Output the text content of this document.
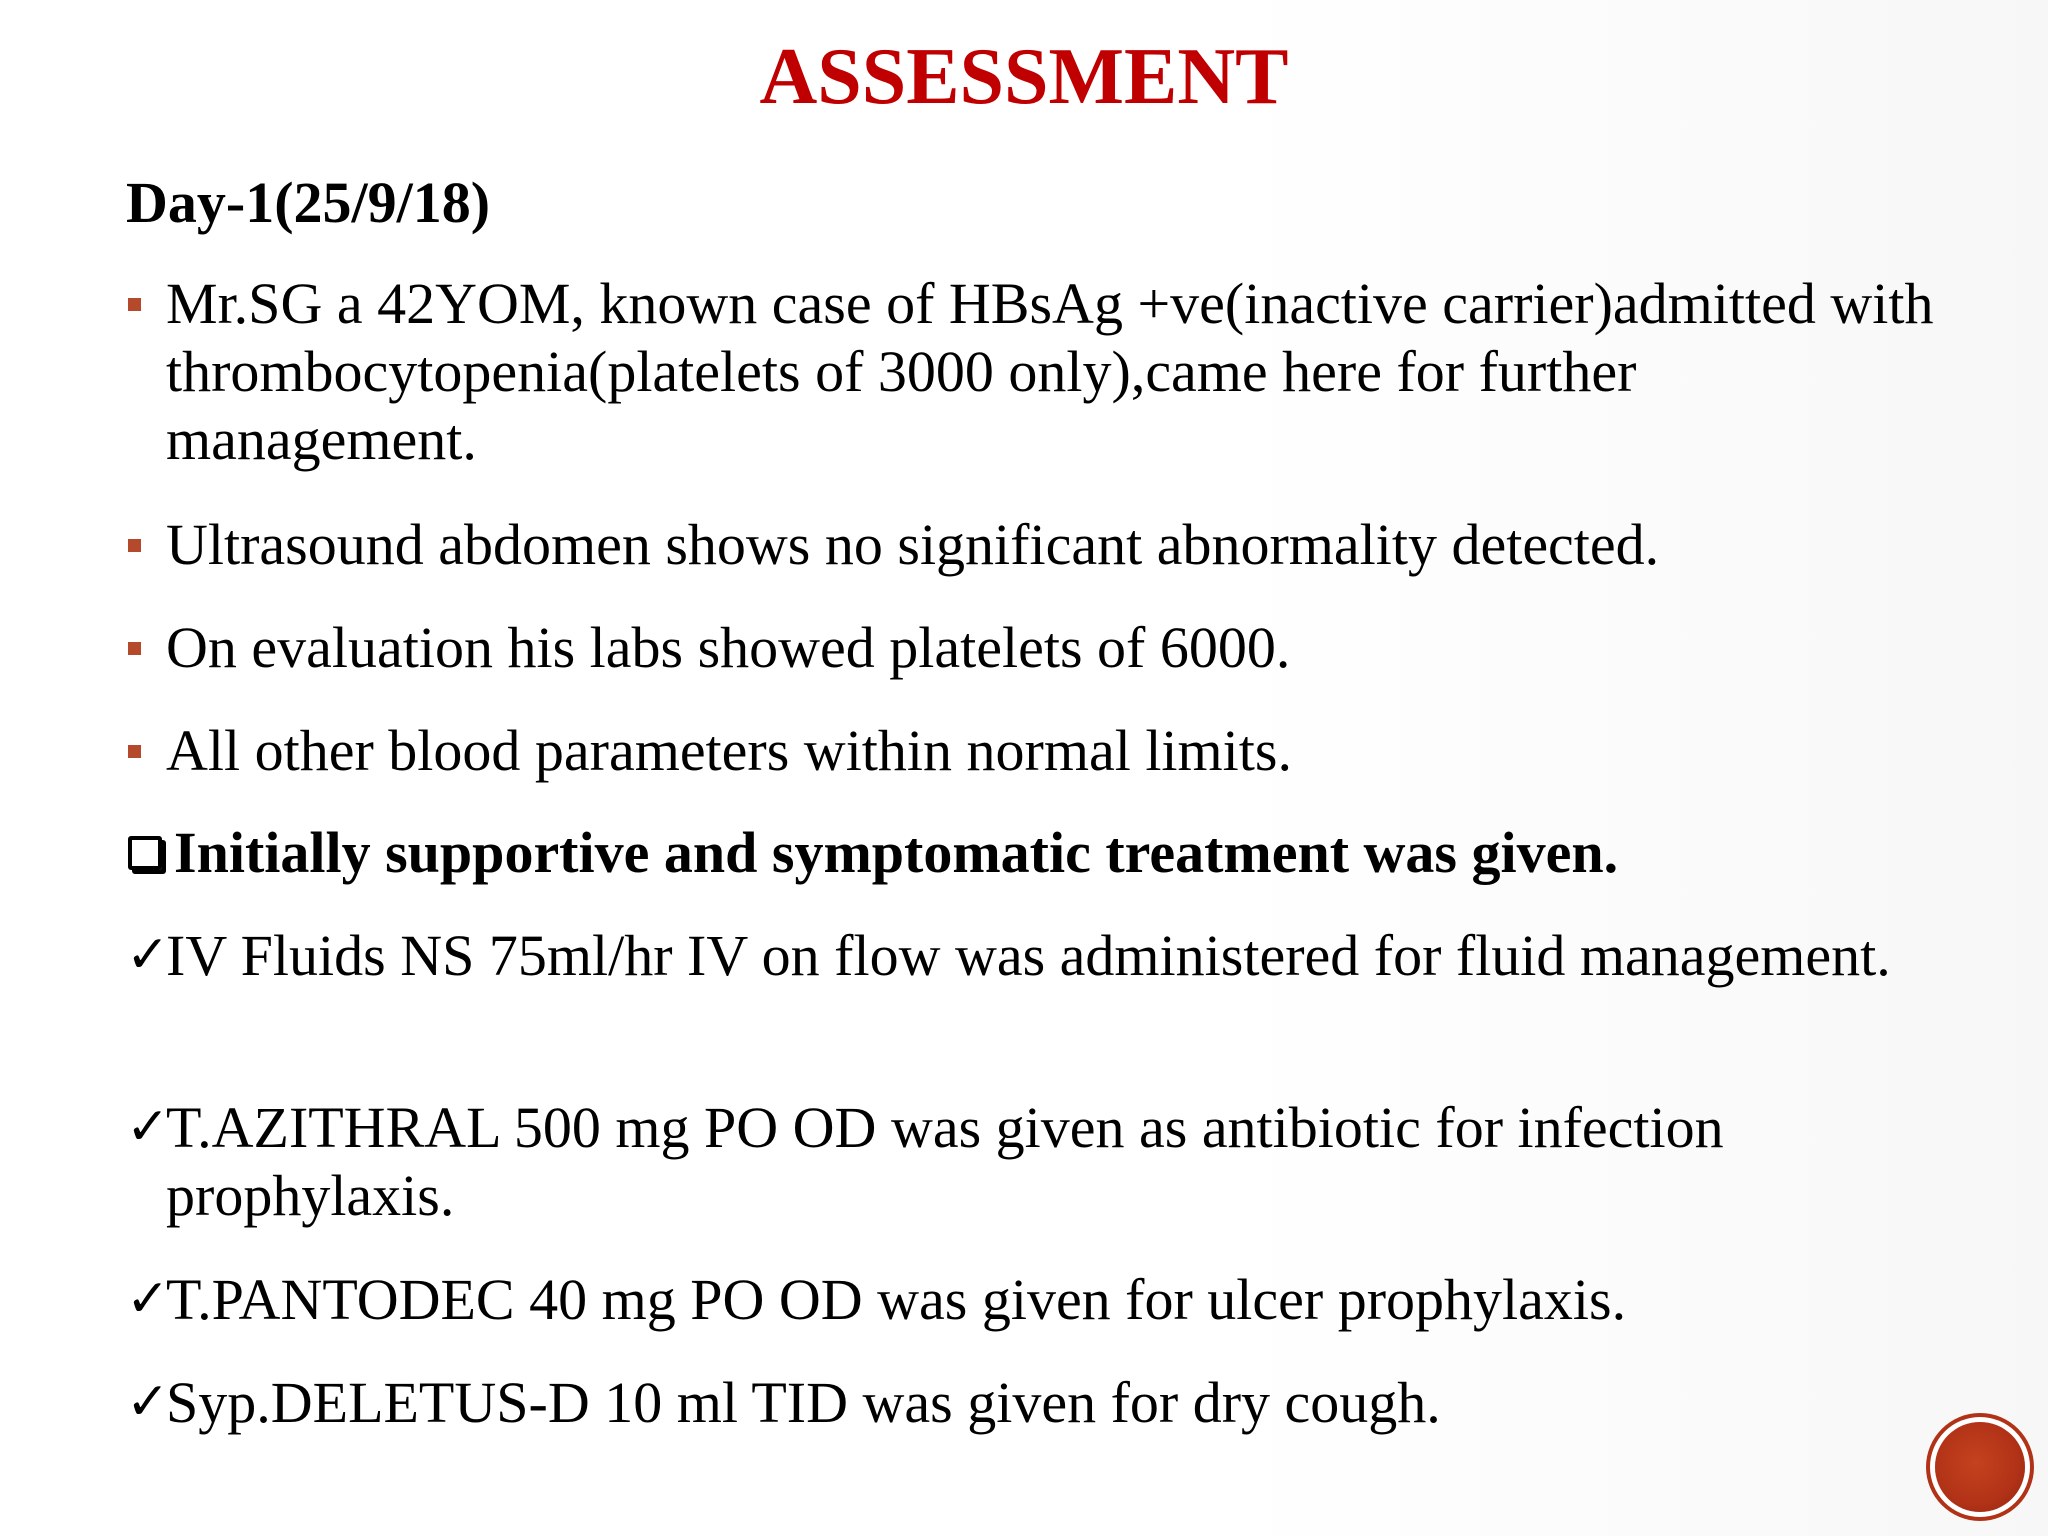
ASSESSMENT
Day-1(25/9/18)
Mr.SG a 42YOM, known case of HBsAg +ve(inactive carrier)admitted with thrombocytopenia(platelets of 3000 only),came here for further management.
Ultrasound abdomen shows no significant abnormality detected.
On evaluation his labs showed platelets of 6000.
All other blood parameters within normal limits.
Initially supportive and symptomatic treatment was given.
✓
IV Fluids NS 75ml/hr IV on flow was administered for fluid management.
✓
T.AZITHRAL 500 mg PO OD was given as antibiotic for infection prophylaxis.
✓
T.PANTODEC 40 mg PO OD was given for ulcer prophylaxis.
✓
Syp.DELETUS-D 10 ml TID was given for dry cough.
